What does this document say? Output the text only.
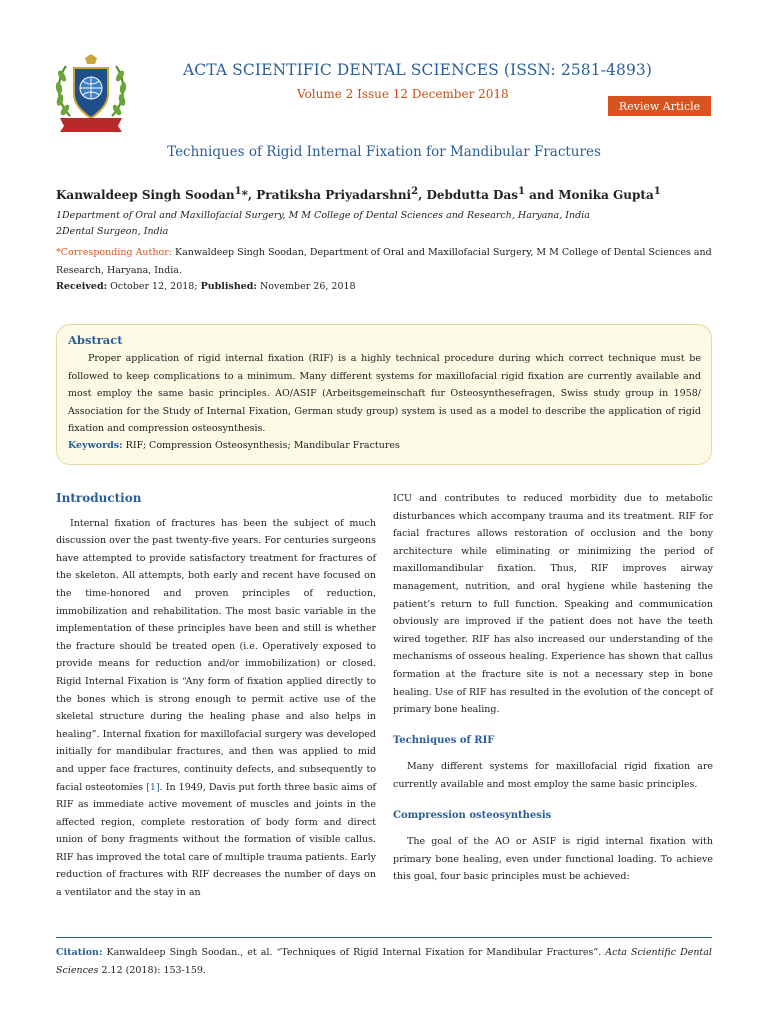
ACTA SCIENTIFIC DENTAL SCIENCES (ISSN: 2581-4893)
Volume 2 Issue 12 December 2018
Review Article
Techniques of Rigid Internal Fixation for Mandibular Fractures
Kanwaldeep Singh Soodan$^1$*, Pratiksha Priyadarshni$^2$, Debdutta Das$^1$ and Monika Gupta$^1$
1Department of Oral and Maxillofacial Surgery, M M College of Dental Sciences and Research, Haryana, India
2Dental Surgeon, India
*Corresponding Author: Kanwaldeep Singh Soodan, Department of Oral and Maxillofacial Surgery, M M College of Dental Sciences and Research, Haryana, India.
Received: October 12, 2018; Published: November 26, 2018
Abstract
Proper application of rigid internal fixation (RIF) is a highly technical procedure during which correct technique must be followed to keep complications to a minimum. Many different systems for maxillofacial rigid fixation are currently available and most employ the same basic principles. AO/ASIF (Arbeitsgemeinschaft fur Osteosynthesefragen, Swiss study group in 1958/ Association for the Study of Internal Fixation, German study group) system is used as a model to describe the application of rigid fixation and compression osteosynthesis.
Keywords: RIF; Compression Osteosynthesis; Mandibular Fractures
Introduction

Internal fixation of fractures has been the subject of much discussion over the past twenty-five years. For centuries surgeons have attempted to provide satisfactory treatment for fractures of the skeleton. All attempts, both early and recent have focused on the time-honored and proven principles of reduction, immobilization and rehabilitation. The most basic variable in the implementation of these principles have been and still is whether the fracture should be treated open (i.e. Operatively exposed to provide means for reduction and/or immobilization) or closed. Rigid Internal Fixation is “Any form of fixation applied directly to the bones which is strong enough to permit active use of the skeletal structure during the healing phase and also helps in healing”. Internal fixation for maxillofacial surgery was developed initially for mandibular fractures, and then was applied to mid and upper face fractures, continuity defects, and subsequently to facial osteotomies [1]. In 1949, Davis put forth three basic aims of RIF as immediate active movement of muscles and joints in the affected region, complete restoration of body form and direct union of bony fragments without the formation of visible callus. RIF has improved the total care of multiple trauma patients. Early reduction of fractures with RIF decreases the number of days on a ventilator and the stay in an

ICU and contributes to reduced morbidity due to metabolic disturbances which accompany trauma and its treatment. RIF for facial fractures allows restoration of occlusion and the bony architecture while eliminating or minimizing the period of maxillomandibular fixation. Thus, RIF improves airway management, nutrition, and oral hygiene while hastening the patient’s return to full function. Speaking and communication obviously are improved if the patient does not have the teeth wired together. RIF has also increased our understanding of the mechanisms of osseous healing. Experience has shown that callus formation at the fracture site is not a necessary step in bone healing. Use of RIF has resulted in the evolution of the concept of primary bone healing.

Techniques of RIF

Many different systems for maxillofacial rigid fixation are currently available and most employ the same basic principles.

Compression osteosynthesis

The goal of the AO or ASIF is rigid internal fixation with primary bone healing, even under functional loading. To achieve this goal, four basic principles must be achieved:

Citation: Kanwaldeep Singh Soodan., et al. “Techniques of Rigid Internal Fixation for Mandibular Fractures”. Acta Scientific Dental Sciences 2.12 (2018): 153-159.
